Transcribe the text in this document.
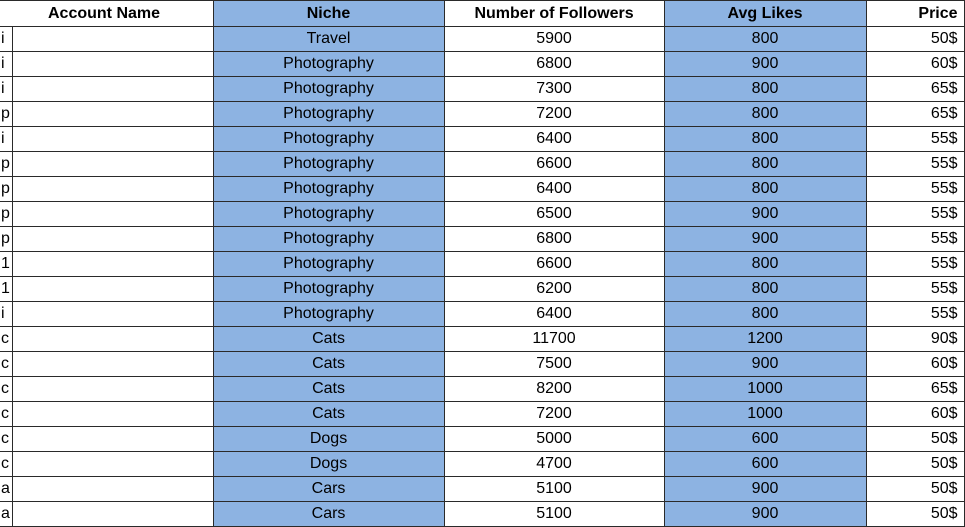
Account Name		Niche	Number of Followers	Avg Likes	Price
i		Travel	5900	800	50$
i		Photography	6800	900	60$
i		Photography	7300	800	65$
p		Photography	7200	800	65$
i		Photography	6400	800	55$
p		Photography	6600	800	55$
p		Photography	6400	800	55$
p		Photography	6500	900	55$
p		Photography	6800	900	55$
1		Photography	6600	800	55$
1		Photography	6200	800	55$
i		Photography	6400	800	55$
c		Cats	11700	1200	90$
c		Cats	7500	900	60$
c		Cats	8200	1000	65$
c		Cats	7200	1000	60$
c		Dogs	5000	600	50$
c		Dogs	4700	600	50$
a		Cars	5100	900	50$
a		Cars	5100	900	50$
